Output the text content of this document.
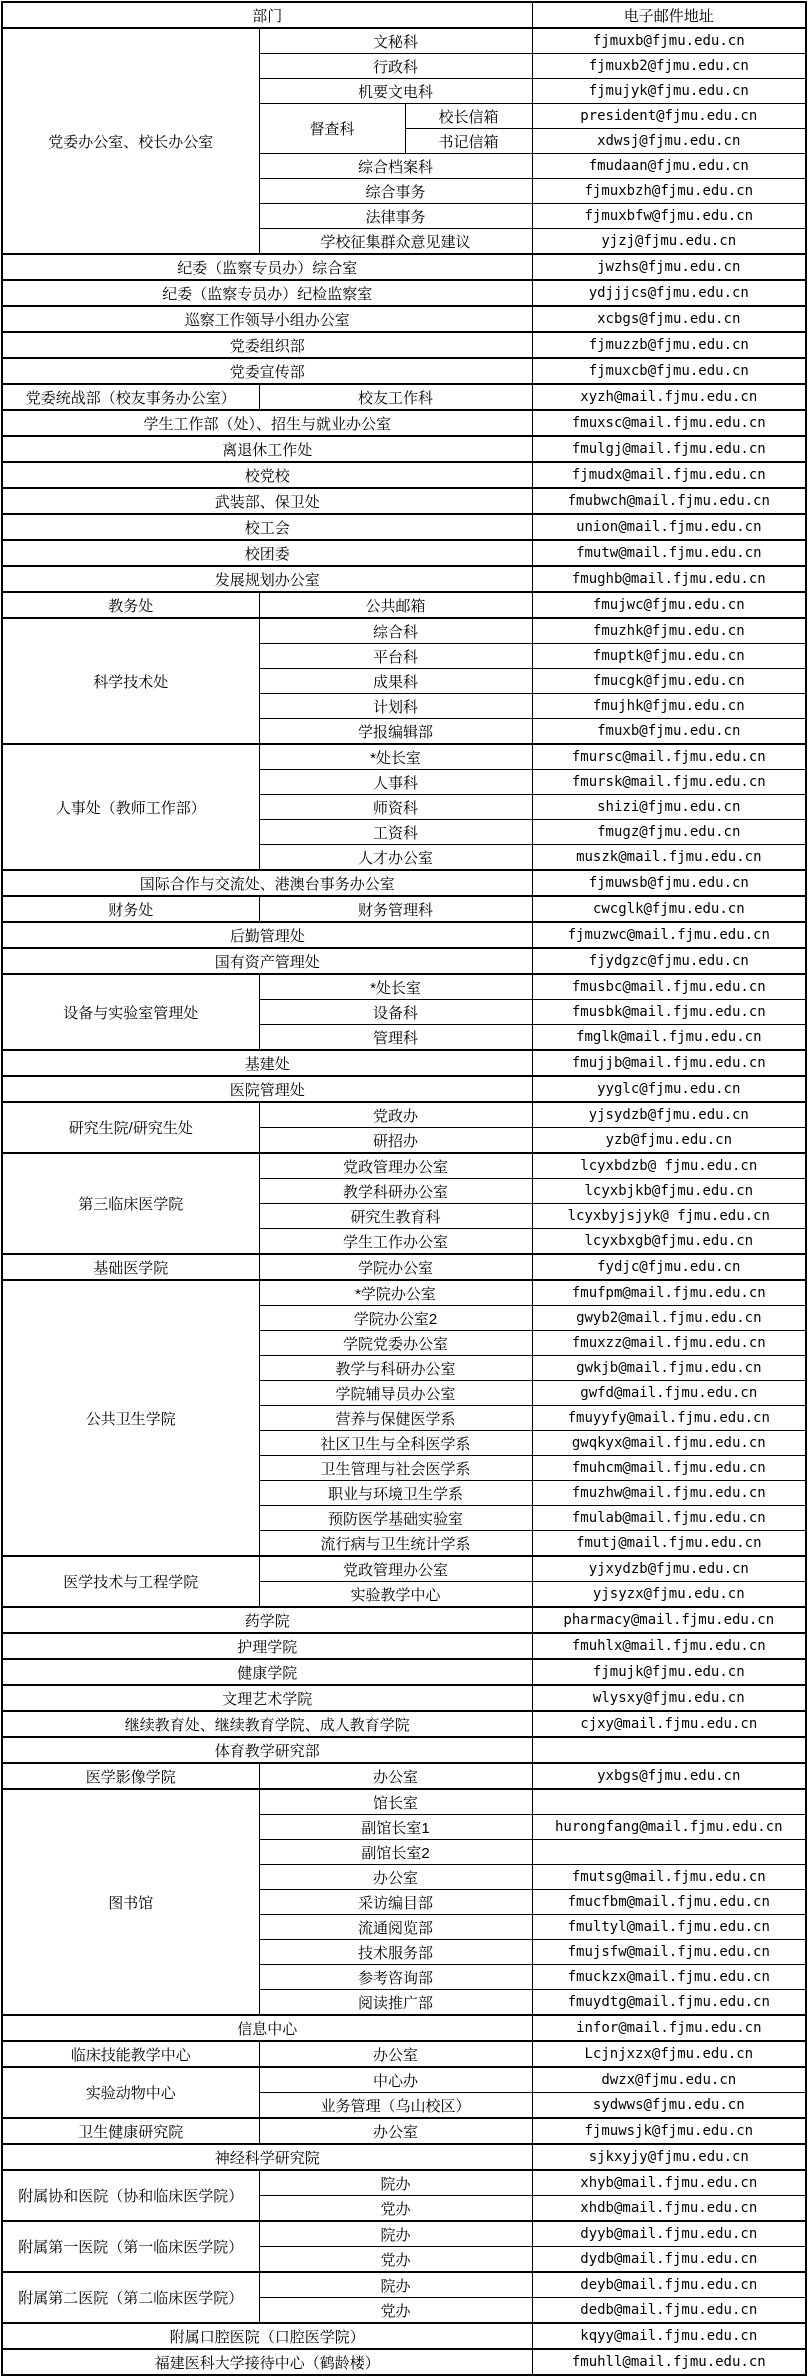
部门			电子邮件地址
党委办公室、校长办公室	文秘科		fjmuxb@fjmu.edu.cn
	行政科		fjmuxb2@fjmu.edu.cn
	机要文电科		fjmujyk@fjmu.edu.cn
	督查科	校长信箱	president@fjmu.edu.cn
		书记信箱	xdwsj@fjmu.edu.cn
	综合档案科		fmudaan@fjmu.edu.cn
	综合事务		fjmuxbzh@fjmu.edu.cn
	法律事务		fjmuxbfw@fjmu.edu.cn
	学校征集群众意见建议		yjzj@fjmu.edu.cn
纪委（监察专员办）综合室			jwzhs@fjmu.edu.cn
纪委（监察专员办）纪检监察室			ydjjjcs@fjmu.edu.cn
巡察工作领导小组办公室			xcbgs@fjmu.edu.cn
党委组织部			fjmuzzb@fjmu.edu.cn
党委宣传部			fjmuxcb@fjmu.edu.cn
党委统战部（校友事务办公室）	校友工作科		xyzh@mail.fjmu.edu.cn
学生工作部（处）、招生与就业办公室			fmuxsc@mail.fjmu.edu.cn
离退休工作处			fmulgj@mail.fjmu.edu.cn
校党校			fjmudx@mail.fjmu.edu.cn
武装部、保卫处			fmubwch@mail.fjmu.edu.cn
校工会			union@mail.fjmu.edu.cn
校团委			fmutw@mail.fjmu.edu.cn
发展规划办公室			fmughb@mail.fjmu.edu.cn
教务处	公共邮箱		fmujwc@fjmu.edu.cn
科学技术处	综合科		fmuzhk@fjmu.edu.cn
	平台科		fmuptk@fjmu.edu.cn
	成果科		fmucgk@fjmu.edu.cn
	计划科		fmujhk@fjmu.edu.cn
	学报编辑部		fmuxb@fjmu.edu.cn
人事处（教师工作部）	*处长室		fmursc@mail.fjmu.edu.cn
	人事科		fmursk@mail.fjmu.edu.cn
	师资科		shizi@fjmu.edu.cn
	工资科		fmugz@fjmu.edu.cn
	人才办公室		muszk@mail.fjmu.edu.cn
国际合作与交流处、港澳台事务办公室			fjmuwsb@fjmu.edu.cn
财务处	财务管理科		cwcglk@fjmu.edu.cn
后勤管理处			fjmuzwc@mail.fjmu.edu.cn
国有资产管理处			fjydgzc@fjmu.edu.cn
设备与实验室管理处	*处长室		fmusbc@mail.fjmu.edu.cn
	设备科		fmusbk@mail.fjmu.edu.cn
	管理科		fmglk@mail.fjmu.edu.cn
基建处			fmujjb@mail.fjmu.edu.cn
医院管理处			yyglc@fjmu.edu.cn
研究生院/研究生处	党政办		yjsydzb@fjmu.edu.cn
	研招办		yzb@fjmu.edu.cn
第三临床医学院	党政管理办公室		lcyxbdzb@ fjmu.edu.cn
	教学科研办公室		lcyxbjkb@fjmu.edu.cn
	研究生教育科		lcyxbyjsjyk@ fjmu.edu.cn
	学生工作办公室		lcyxbxgb@fjmu.edu.cn
基础医学院	学院办公室		fydjc@fjmu.edu.cn
公共卫生学院	*学院办公室		fmufpm@mail.fjmu.edu.cn
	学院办公室2		gwyb2@mail.fjmu.edu.cn
	学院党委办公室		fmuxzz@mail.fjmu.edu.cn
	教学与科研办公室		gwkjb@mail.fjmu.edu.cn
	学院辅导员办公室		gwfd@mail.fjmu.edu.cn
	营养与保健医学系		fmuyyfy@mail.fjmu.edu.cn
	社区卫生与全科医学系		gwqkyx@mail.fjmu.edu.cn
	卫生管理与社会医学系		fmuhcm@mail.fjmu.edu.cn
	职业与环境卫生学系		fmuzhw@mail.fjmu.edu.cn
	预防医学基础实验室		fmulab@mail.fjmu.edu.cn
	流行病与卫生统计学系		fmutj@mail.fjmu.edu.cn
医学技术与工程学院	党政管理办公室		yjxydzb@fjmu.edu.cn
	实验教学中心		yjsyzx@fjmu.edu.cn
药学院			pharmacy@mail.fjmu.edu.cn
护理学院			fmuhlx@mail.fjmu.edu.cn
健康学院			fjmujk@fjmu.edu.cn
文理艺术学院			wlysxy@fjmu.edu.cn
继续教育处、继续教育学院、成人教育学院			cjxy@mail.fjmu.edu.cn
体育教学研究部			
医学影像学院	办公室		yxbgs@fjmu.edu.cn
图书馆	馆长室		
	副馆长室1		hurongfang@mail.fjmu.edu.cn
	副馆长室2		
	办公室		fmutsg@mail.fjmu.edu.cn
	采访编目部		fmucfbm@mail.fjmu.edu.cn
	流通阅览部		fmultyl@mail.fjmu.edu.cn
	技术服务部		fmujsfw@mail.fjmu.edu.cn
	参考咨询部		fmuckzx@mail.fjmu.edu.cn
	阅读推广部		fmuydtg@mail.fjmu.edu.cn
信息中心			infor@mail.fjmu.edu.cn
临床技能教学中心	办公室		Lcjnjxzx@fjmu.edu.cn
实验动物中心	中心办		dwzx@fjmu.edu.cn
	业务管理（乌山校区）		sydwws@fjmu.edu.cn
卫生健康研究院	办公室		fjmuwsjk@fjmu.edu.cn
神经科学研究院			sjkxyjy@fjmu.edu.cn
附属协和医院（协和临床医学院）	院办		xhyb@mail.fjmu.edu.cn
	党办		xhdb@mail.fjmu.edu.cn
附属第一医院（第一临床医学院）	院办		dyyb@mail.fjmu.edu.cn
	党办		dydb@mail.fjmu.edu.cn
附属第二医院（第二临床医学院）	院办		deyb@mail.fjmu.edu.cn
	党办		dedb@mail.fjmu.edu.cn
附属口腔医院（口腔医学院）			kqyy@mail.fjmu.edu.cn
福建医科大学接待中心（鹤龄楼）			fmuhll@mail.fjmu.edu.cn
